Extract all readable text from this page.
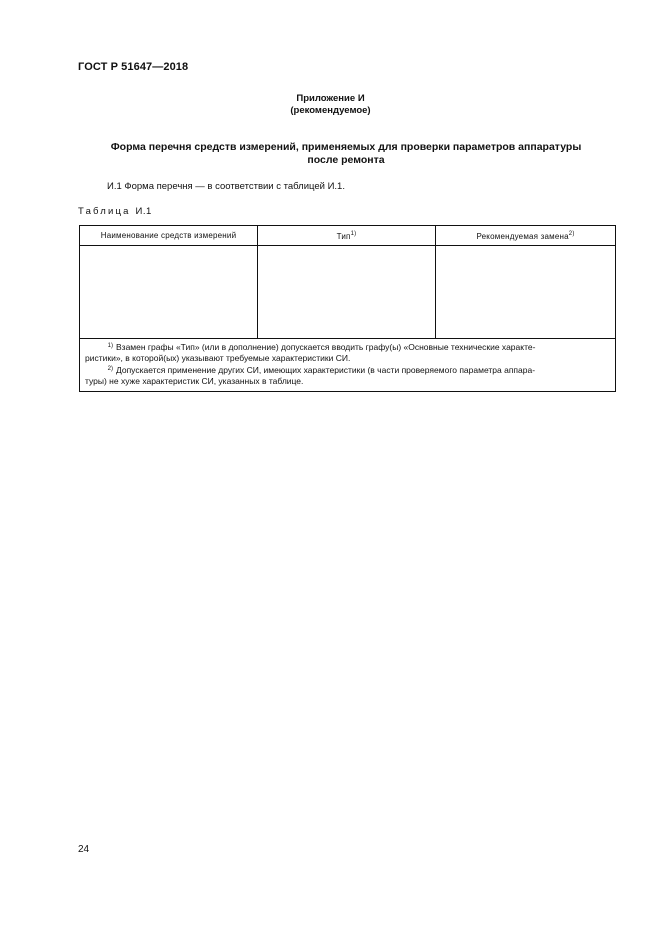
ГОСТ Р 51647—2018
Приложение И
(рекомендуемое)
Форма перечня средств измерений, применяемых для проверки параметров аппаратуры
после ремонта
И.1 Форма перечня — в соответствии с таблицей И.1.
Таблица И.1
Наименование средств измерений	Тип$^{1)}$	Рекомендуемая замена$^{2)}$

1) Взамен графы «Тип» (или в дополнение) допускается вводить графу(ы) «Основные технические характе-
ристики», в которой(ых) указывают требуемые характеристики СИ.

2) Допускается применение других СИ, имеющих характеристики (в части проверяемого параметра аппара-
туры) не хуже характеристик СИ, указанных в таблице.		

24
